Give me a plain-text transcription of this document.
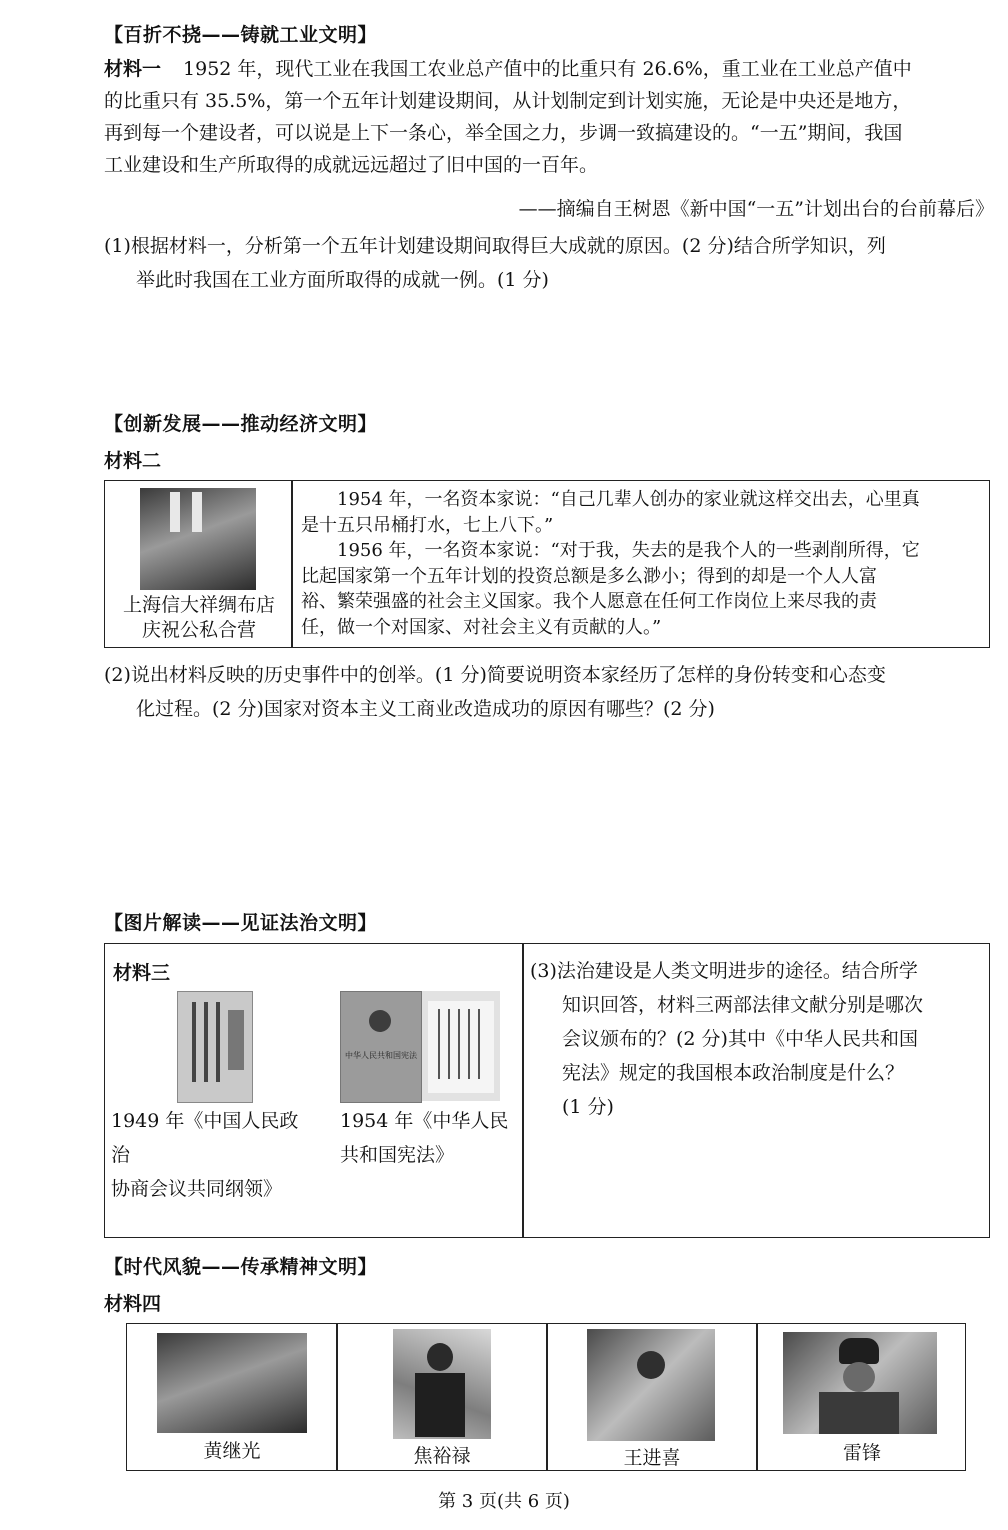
【百折不挠——铸就工业文明】
材料一 1952 年，现代工业在我国工农业总产值中的比重只有 26.6%，重工业在工业总产值中
的比重只有 35.5%，第一个五年计划建设期间，从计划制定到计划实施，无论是中央还是地方，
再到每一个建设者，可以说是上下一条心，举全国之力，步调一致搞建设的。“一五”期间，我国
工业建设和生产所取得的成就远远超过了旧中国的一百年。
——摘编自王树恩《新中国“一五”计划出台的台前幕后》
(1)根据材料一，分析第一个五年计划建设期间取得巨大成就的原因。(2 分)结合所学知识，列
举此时我国在工业方面所取得的成就一例。(1 分)
【创新发展——推动经济文明】
材料二
上海信大祥绸布店
庆祝公私合营
1954 年，一名资本家说：“自己几辈人创办的家业就这样交出去，心里真
是十五只吊桶打水，七上八下。”
1956 年，一名资本家说：“对于我，失去的是我个人的一些剥削所得，它
比起国家第一个五年计划的投资总额是多么渺小；得到的却是一个人人富
裕、繁荣强盛的社会主义国家。我个人愿意在任何工作岗位上来尽我的责
任，做一个对国家、对社会主义有贡献的人。”
(2)说出材料反映的历史事件中的创举。(1 分)简要说明资本家经历了怎样的身份转变和心态变
化过程。(2 分)国家对资本主义工商业改造成功的原因有哪些？(2 分)
【图片解读——见证法治文明】
材料三
1949 年《中国人民政治
协商会议共同纲领》
中华人民共和国宪法
1954 年《中华人民
共和国宪法》
(3)法治建设是人类文明进步的途径。结合所学
知识回答，材料三两部法律文献分别是哪次
会议颁布的？(2 分)其中《中华人民共和国
宪法》规定的我国根本政治制度是什么？
(1 分)
【时代风貌——传承精神文明】
材料四
黄继光	焦裕禄	王进喜	雷锋
第 3 页(共 6 页)
